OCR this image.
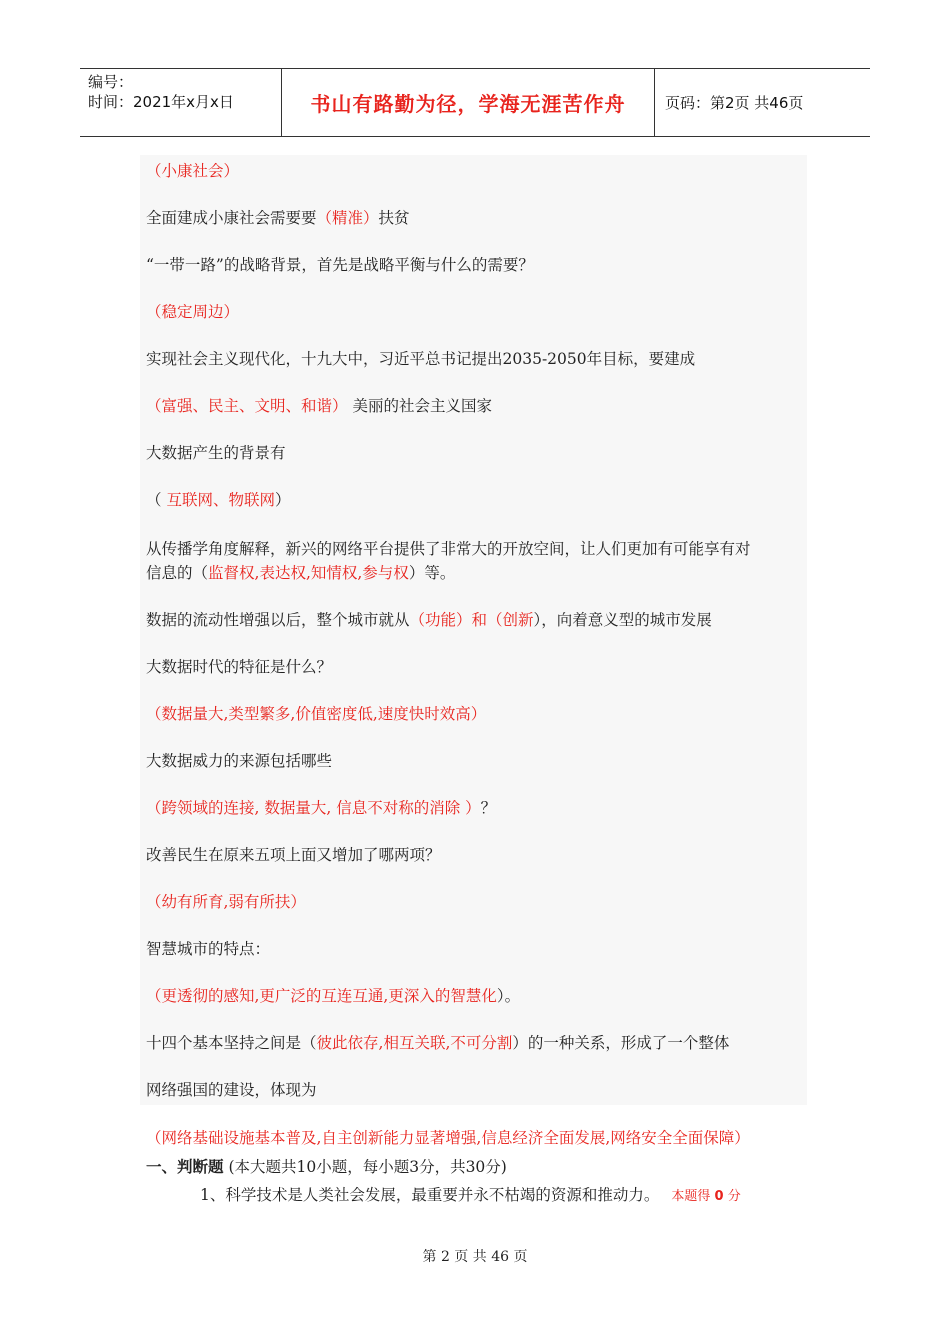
编号：
时间：2021年x月x日	书山有路勤为径，学海无涯苦作舟	页码：第2页 共46页
（小康社会）
全面建成小康社会需要要（精准）扶贫
“一带一路”的战略背景，首先是战略平衡与什么的需要？
（稳定周边）
实现社会主义现代化，十九大中，习近平总书记提出2035-2050年目标，要建成
（富强、民主、文明、和谐） 美丽的社会主义国家
大数据产生的背景有
（ 互联网、物联网）
从传播学角度解释，新兴的网络平台提供了非常大的开放空间，让人们更加有可能享有对
信息的（监督权,表达权,知情权,参与权）等。
数据的流动性增强以后，整个城市就从（功能）和（创新），向着意义型的城市发展
大数据时代的特征是什么？
（数据量大,类型繁多,价值密度低,速度快时效高）
大数据威力的来源包括哪些
（跨领域的连接, 数据量大, 信息不对称的消除 ）？
改善民生在原来五项上面又增加了哪两项？
（幼有所育,弱有所扶）
智慧城市的特点：
（更透彻的感知,更广泛的互连互通,更深入的智慧化）。
十四个基本坚持之间是（彼此依存,相互关联,不可分割）的一种关系，形成了一个整体
网络强国的建设，体现为
（网络基础设施基本普及,自主创新能力显著增强,信息经济全面发展,网络安全全面保障）
一、判断题 (本大题共10小题，每小题3分，共30分)
1、科学技术是人类社会发展，最重要并永不枯竭的资源和推动力。 本题得 0 分
第 2 页 共 46 页
